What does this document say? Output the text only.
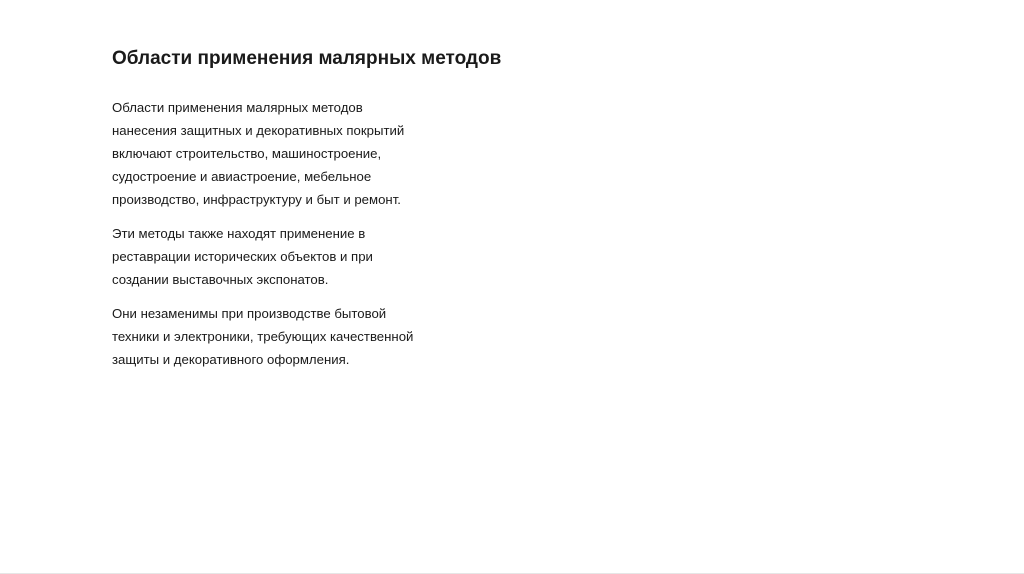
Области применения малярных методов

Области применения малярных методов
нанесения защитных и декоративных покрытий
включают строительство, машиностроение,
судостроение и авиастроение, мебельное
производство, инфраструктуру и быт и ремонт.

Эти методы также находят применение в
реставрации исторических объектов и при
создании выставочных экспонатов.

Они незаменимы при производстве бытовой
техники и электроники, требующих качественной
защиты и декоративного оформления.
